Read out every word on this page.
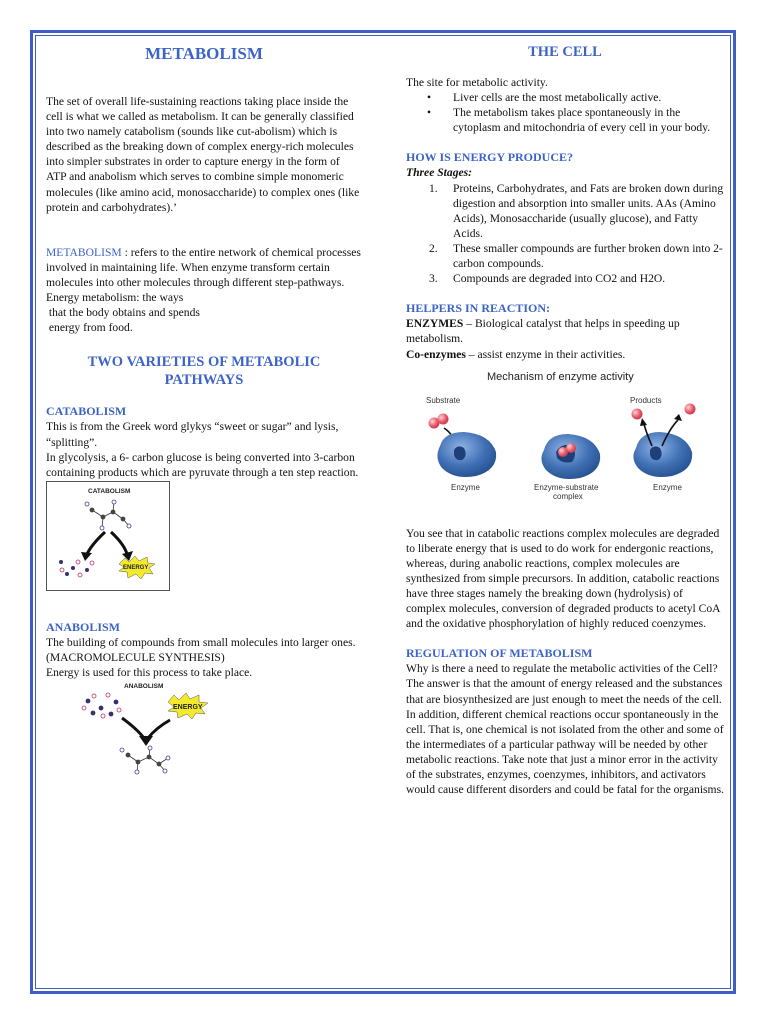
METABOLISM

The set of overall life-sustaining reactions taking place inside the cell is what we called as metabolism. It can be generally classified into two namely catabolism (sounds like cut-abolism) which is described as the breaking down of complex energy-rich molecules into simpler substrates in order to capture energy in the form of ATP and anabolism which serves to combine simple monomeric molecules (like amino acid, monosaccharide) to complex ones (like protein and carbohydrates).’

METABOLISM : refers to the entire network of chemical processes involved in maintaining life. When enzyme transform certain molecules into other molecules through different step-pathways.

Energy metabolism: the ways

that the body obtains and spends

energy from food.

TWO VARIETIES OF METABOLIC PATHWAYS
CATABOLISM

This is from the Greek word glykys “sweet or sugar” and lysis, “splitting”.

In glycolysis, a 6- carbon glucose is being converted into 3-carbon containing products which are pyruvate through a ten step reaction.

CATABOLISM
ENERGY
ANABOLISM

The building of compounds from small molecules into larger ones. (MACROMOLECULE SYNTHESIS)

Energy is used for this process to take place.

ANABOLISM
ENERGY
THE CELL

The site for metabolic activity.

• Liver cells are the most metabolically active.
• The metabolism takes place spontaneously in the cytoplasm and mitochondria of every cell in your body.
HOW IS ENERGY PRODUCE?

Three Stages:

1. Proteins, Carbohydrates, and Fats are broken down during digestion and absorption into smaller units. AAs (Amino Acids), Monosaccharide (usually glucose), and Fatty Acids.
2. These smaller compounds are further broken down into 2-carbon compounds.
3. Compounds are degraded into CO2 and H2O.
HELPERS IN REACTION:

ENZYMES – Biological catalyst that helps in speeding up metabolism.

Co-enzymes – assist enzyme in their activities.

Mechanism of enzyme activity
Substrate	Products
Enzyme	Enzyme-substrate
complex
Enzyme

You see that in catabolic reactions complex molecules are degraded to liberate energy that is used to do work for endergonic reactions, whereas, during anabolic reactions, complex molecules are synthesized from simple precursors. In addition, catabolic reactions have three stages namely the breaking down (hydrolysis) of complex molecules, conversion of degraded products to acetyl CoA and the oxidative phosphorylation of highly reduced coenzymes.

REGULATION OF METABOLISM

Why is there a need to regulate the metabolic activities of the Cell? The answer is that the amount of energy released and the substances that are biosynthesized are just enough to meet the needs of the cell. In addition, different chemical reactions occur spontaneously in the cell. That is, one chemical is not isolated from the other and some of the intermediates of a particular pathway will be needed by other metabolic reactions. Take note that just a minor error in the activity of the substrates, enzymes, coenzymes, inhibitors, and activators would cause different disorders and could be fatal for the organisms.
